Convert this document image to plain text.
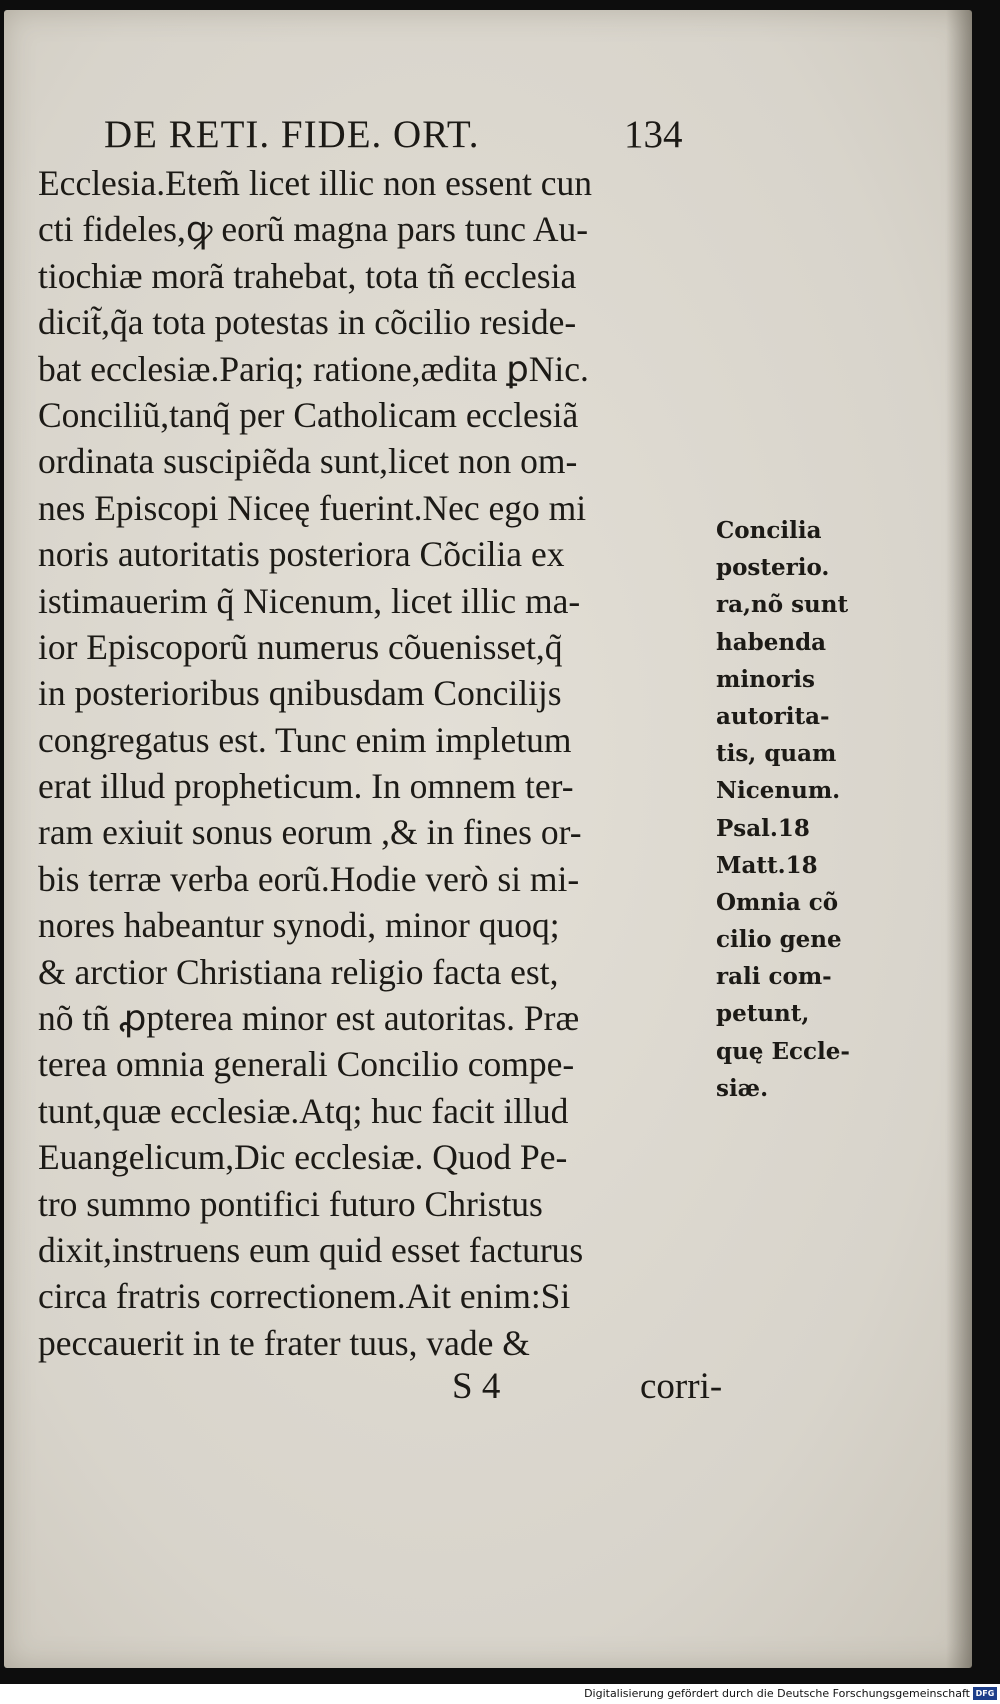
DE RETI. FIDE. ORT.	134
Ecclesia.Etem̃ licet illic non essent cun
cti fideles,ꝙ eorũ magna pars tunc Au-
tiochiæ morã trahebat, tota tñ ecclesia
dicit̃,q̃a tota potestas in cõcilio reside-
bat ecclesiæ.Pariq; ratione,ædita ꝑNic.
Conciliũ,tanq̃ per Catholicam ecclesiã
ordinata suscipiẽda sunt,licet non om-
nes Episcopi Niceę fuerint.Nec ego mi
noris autoritatis posteriora Cõcilia ex
istimauerim q̃ Nicenum, licet illic ma-
ior Episcoporũ numerus cõuenisset,q̃
in posterioribus qnibusdam Concilijs
congregatus est. Tunc enim impletum
erat illud propheticum. In omnem ter-
ram exiuit sonus eorum ,& in fines or-
bis terræ verba eorũ.Hodie verò si mi-
nores habeantur synodi, minor quoq;
& arctior Christiana religio facta est,
nõ tñ ꝓpterea minor est autoritas. Præ
terea omnia generali Concilio compe-
tunt,quæ ecclesiæ.Atq; huc facit illud
Euangelicum,Dic ecclesiæ. Quod Pe-
tro summo pontifici futuro Christus
dixit,instruens eum quid esset facturus
circa fratris correctionem.Ait enim:Si
peccauerit in te frater tuus, vade &
Concilia
posterio.
ra,nõ sunt
habenda
minoris
autorita-
tis, quam
Nicenum.
Psal.18
Matt.18
Omnia cõ
cilio gene
rali com-
petunt,
quę Eccle-
siæ.
S 4	corri-
Digitalisierung gefördert durch die Deutsche Forschungsgemeinschaft DFG
